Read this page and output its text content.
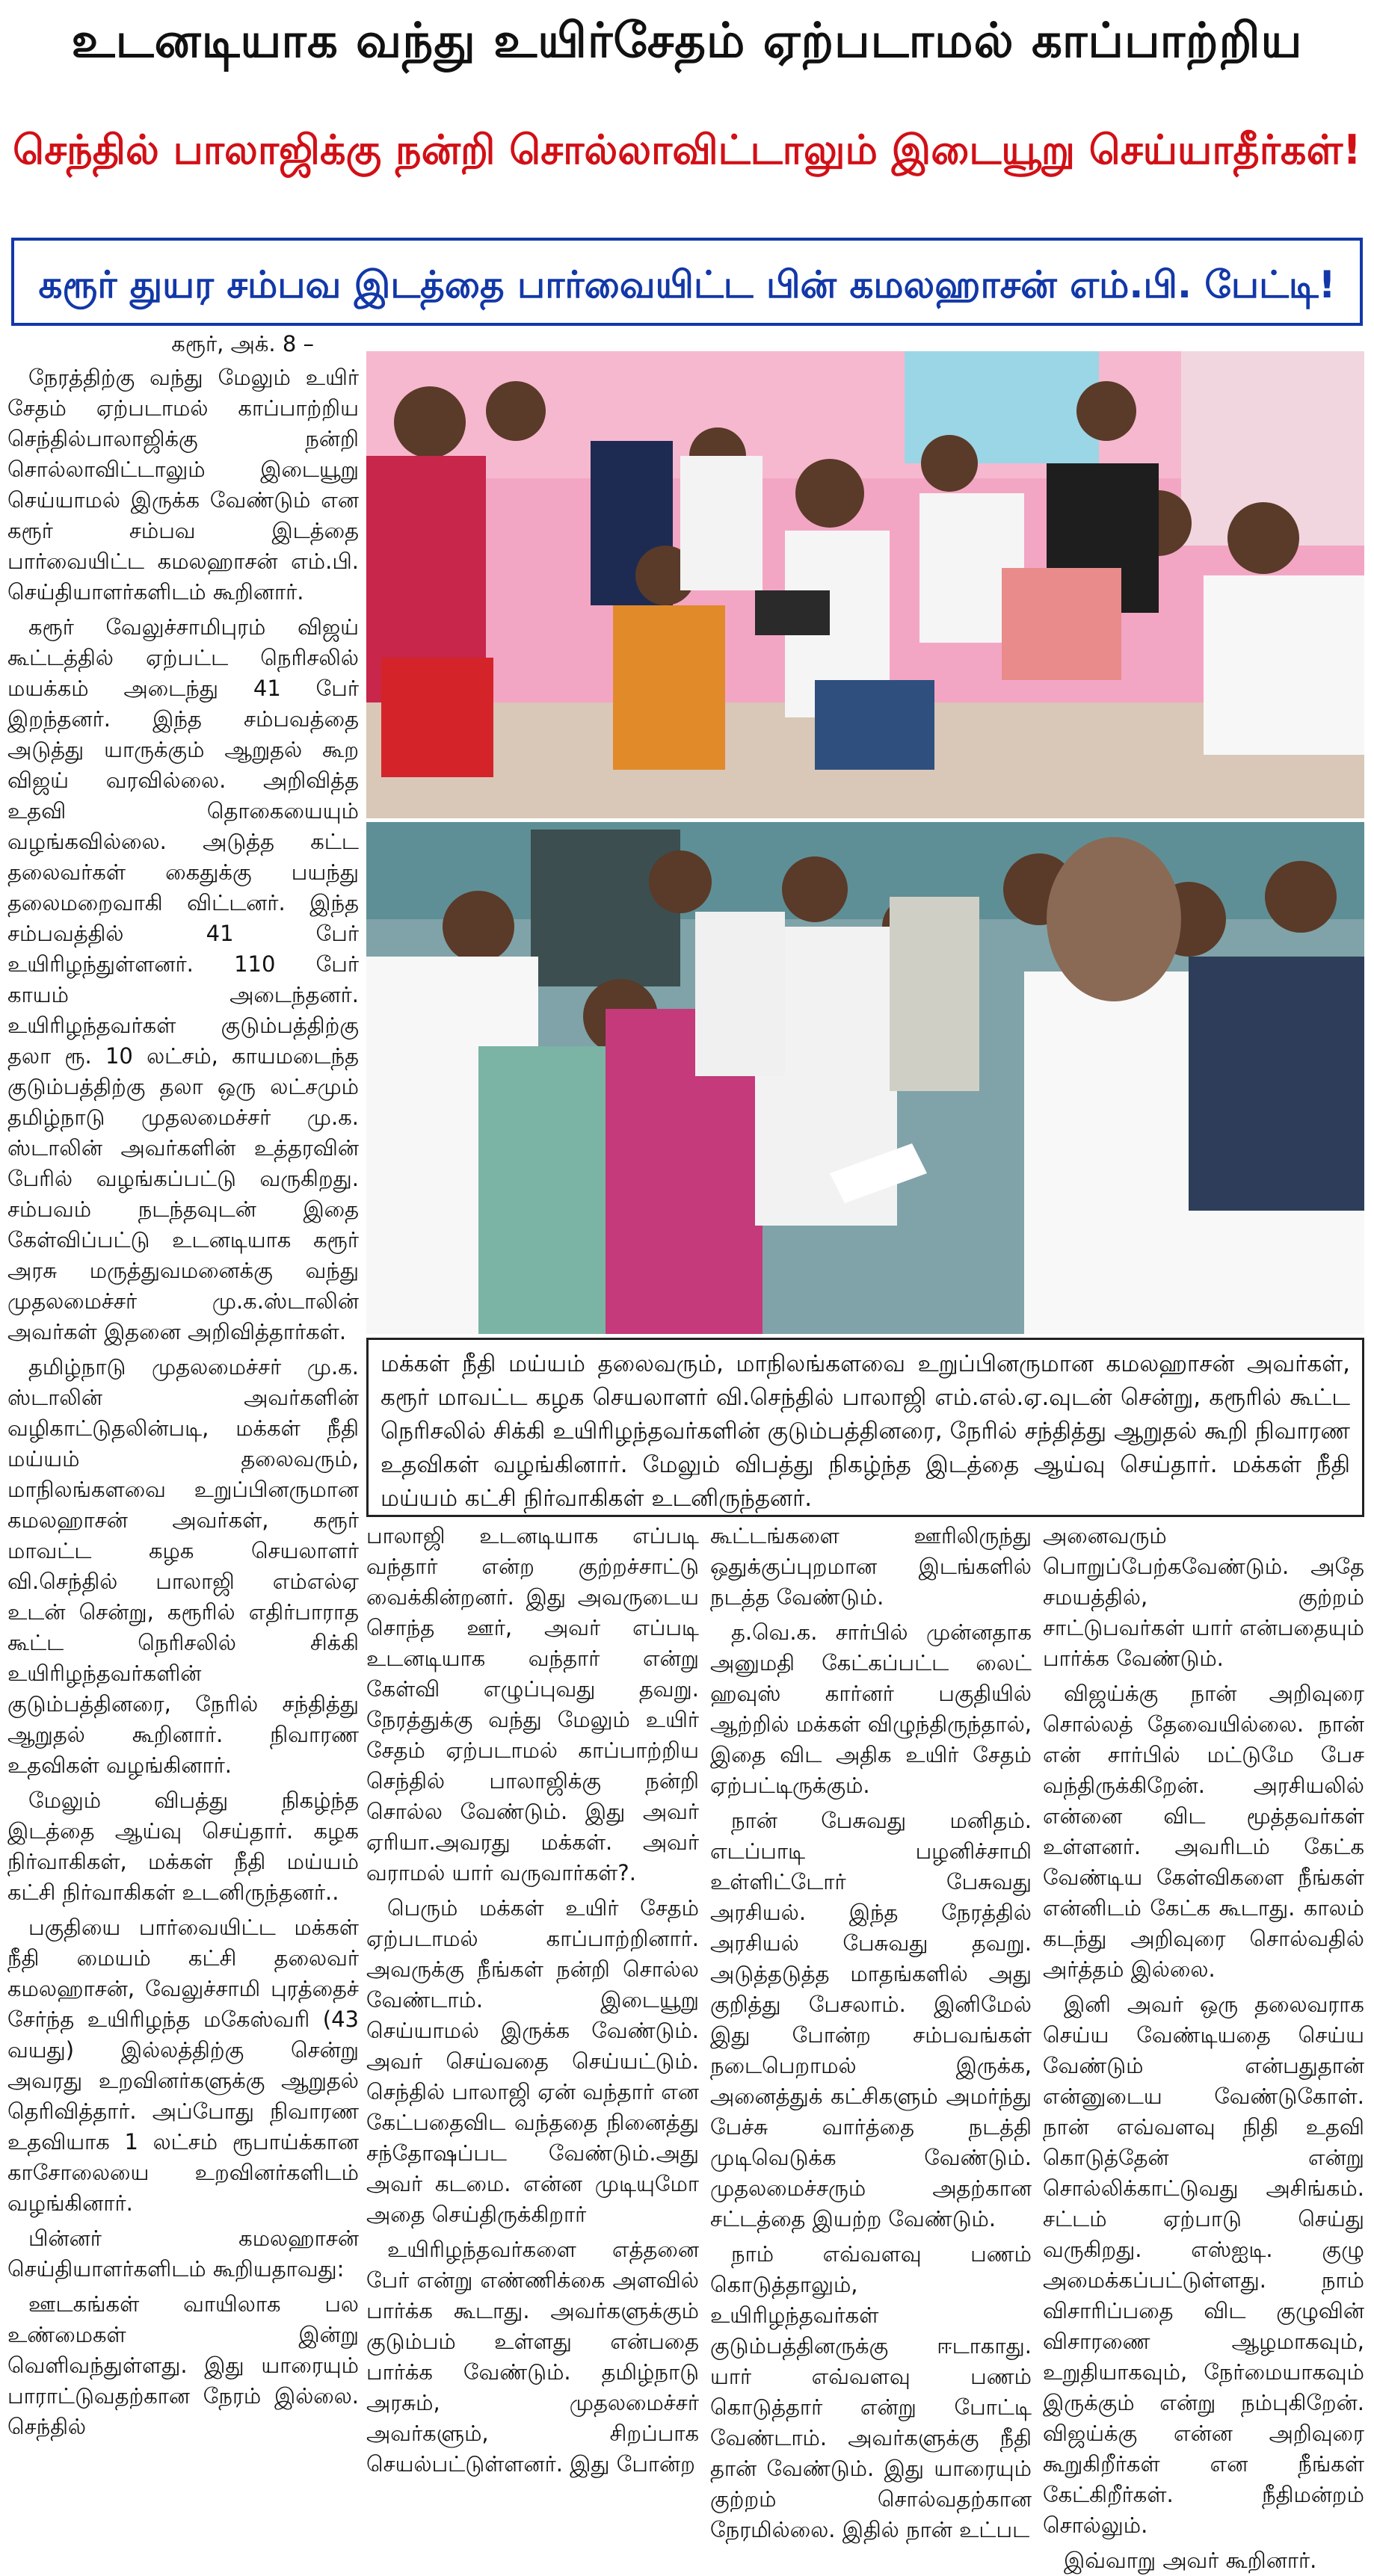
உடனடியாக வந்து உயிர்சேதம் ஏற்படாமல் காப்பாற்றிய
செந்தில் பாலாஜிக்கு நன்றி சொல்லாவிட்டாலும் இடையூறு செய்யாதீர்கள்!
கரூர் துயர சம்பவ இடத்தை பார்வையிட்ட பின் கமலஹாசன் எம்.பி. பேட்டி!
கரூர், அக். 8 –

நேரத்திற்கு வந்து மேலும் உயிர் சேதம் ஏற்படாமல் காப்பாற்றிய செந்தில்பாலாஜிக்கு நன்றி சொல்லாவிட்டாலும் இடையூறு செய்யாமல் இருக்க வேண்டும் என கரூர் சம்பவ இடத்தை பார்வையிட்ட கமலஹாசன் எம்.பி. செய்தியாளர்களிடம் கூறினார்.

கரூர் வேலுச்சாமிபுரம் விஜய் கூட்டத்தில் ஏற்பட்ட நெரிசலில் மயக்கம் அடைந்து 41 பேர் இறந்தனர். இந்த சம்பவத்தை அடுத்து யாருக்கும் ஆறுதல் கூற விஜய் வரவில்லை. அறிவித்த உதவி தொகையையும் வழங்கவில்லை. அடுத்த கட்ட தலைவர்கள் கைதுக்கு பயந்து தலைமறைவாகி விட்டனர். இந்த சம்பவத்தில் 41 பேர் உயிரிழந்துள்ளனர். 110 பேர் காயம் அடைந்தனர். உயிரிழந்தவர்கள் குடும்பத்திற்கு தலா ரூ. 10 லட்சம், காயமடைந்த குடும்பத்திற்கு தலா ஒரு லட்சமும் தமிழ்நாடு முதலமைச்சர் மு.க. ஸ்டாலின் அவர்களின் உத்தரவின் பேரில் வழங்கப்பட்டு வருகிறது. சம்பவம் நடந்தவுடன் இதை கேள்விப்பட்டு உடனடியாக கரூர் அரசு மருத்துவமனைக்கு வந்து முதலமைச்சர் மு.க.ஸ்டாலின் அவர்கள் இதனை அறிவித்தார்கள்.

தமிழ்நாடு முதலமைச்சர் மு.க. ஸ்டாலின் அவர்களின் வழிகாட்டுதலின்படி, மக்கள் நீதி மய்யம் தலைவரும், மாநிலங்களவை உறுப்பினருமான கமலஹாசன் அவர்கள், கரூர் மாவட்ட கழக செயலாளர் வி.செந்தில் பாலாஜி எம்எல்ஏ உடன் சென்று, கரூரில் எதிர்பாராத கூட்ட நெரிசலில் சிக்கி உயிரிழந்தவர்களின் குடும்பத்தினரை, நேரில் சந்தித்து ஆறுதல் கூறினார். நிவாரண உதவிகள் வழங்கினார்.

மேலும் விபத்து நிகழ்ந்த இடத்தை ஆய்வு செய்தார். கழக நிர்வாகிகள், மக்கள் நீதி மய்யம் கட்சி நிர்வாகிகள் உடனிருந்தனர்..

பகுதியை பார்வையிட்ட மக்கள் நீதி மையம் கட்சி தலைவர் கமலஹாசன், வேலுச்சாமி புரத்தைச் சேர்ந்த உயிரிழந்த மகேஸ்வரி (43 வயது) இல்லத்திற்கு சென்று அவரது உறவினர்களுக்கு ஆறுதல் தெரிவித்தார். அப்போது நிவாரண உதவியாக 1 லட்சம் ரூபாய்க்கான காசோலையை உறவினர்களிடம் வழங்கினார்.

பின்னர் கமலஹாசன் செய்தியாளர்களிடம் கூறியதாவது:

ஊடகங்கள் வாயிலாக பல உண்மைகள் இன்று வெளிவந்துள்ளது. இது யாரையும் பாராட்டுவதற்கான நேரம் இல்லை. செந்தில்

மக்கள் நீதி மய்யம் தலைவரும், மாநிலங்களவை உறுப்பினருமான கமலஹாசன் அவர்கள், கரூர் மாவட்ட கழக செயலாளர் வி.செந்தில் பாலாஜி எம்.எல்.ஏ.வுடன் சென்று, கரூரில் கூட்ட நெரிசலில் சிக்கி உயிரிழந்தவர்களின் குடும்பத்தினரை, நேரில் சந்தித்து ஆறுதல் கூறி நிவாரண உதவிகள் வழங்கினார். மேலும் விபத்து நிகழ்ந்த இடத்தை ஆய்வு செய்தார். மக்கள் நீதி மய்யம் கட்சி நிர்வாகிகள் உடனிருந்தனர்.

பாலாஜி உடனடியாக எப்படி வந்தார் என்ற குற்றச்சாட்டு வைக்கின்றனர். இது அவருடைய சொந்த ஊர், அவர் எப்படி உடனடியாக வந்தார் என்று கேள்வி எழுப்புவது தவறு. நேரத்துக்கு வந்து மேலும் உயிர் சேதம் ஏற்படாமல் காப்பாற்றிய செந்தில் பாலாஜிக்கு நன்றி சொல்ல வேண்டும். இது அவர் ஏரியா.அவரது மக்கள். அவர் வராமல் யார் வருவார்கள்?.

பெரும் மக்கள் உயிர் சேதம் ஏற்படாமல் காப்பாற்றினார். அவருக்கு நீங்கள் நன்றி சொல்ல வேண்டாம். இடையூறு செய்யாமல் இருக்க வேண்டும். அவர் செய்வதை செய்யட்டும். செந்தில் பாலாஜி ஏன் வந்தார் என கேட்பதைவிட வந்ததை நினைத்து சந்தோஷப்பட வேண்டும்.அது அவர் கடமை. என்ன முடியுமோ அதை செய்திருக்கிறார்

உயிரிழந்தவர்களை எத்தனை பேர் என்று எண்ணிக்கை அளவில் பார்க்க கூடாது. அவர்களுக்கும் குடும்பம் உள்ளது என்பதை பார்க்க வேண்டும். தமிழ்நாடு அரசும், முதலமைச்சர் அவர்களும், சிறப்பாக செயல்பட்டுள்ளனர். இது போன்ற

கூட்டங்களை ஊரிலிருந்து ஒதுக்குப்புறமான இடங்களில் நடத்த வேண்டும்.

த.வெ.க. சார்பில் முன்னதாக அனுமதி கேட்கப்பட்ட லைட் ஹவுஸ் கார்னர் பகுதியில் ஆற்றில் மக்கள் விழுந்திருந்தால், இதை விட அதிக உயிர் சேதம் ஏற்பட்டிருக்கும்.

நான் பேசுவது மனிதம். எடப்பாடி பழனிச்சாமி உள்ளிட்டோர் பேசுவது அரசியல். இந்த நேரத்தில் அரசியல் பேசுவது தவறு. அடுத்தடுத்த மாதங்களில் அது குறித்து பேசலாம். இனிமேல் இது போன்ற சம்பவங்கள் நடைபெறாமல் இருக்க, அனைத்துக் கட்சிகளும் அமர்ந்து பேச்சு வார்த்தை நடத்தி முடிவெடுக்க வேண்டும். முதலமைச்சரும் அதற்கான சட்டத்தை இயற்ற வேண்டும்.

நாம் எவ்வளவு பணம் கொடுத்தாலும், உயிரிழந்தவர்கள் குடும்பத்தினருக்கு ஈடாகாது. யார் எவ்வளவு பணம் கொடுத்தார் என்று போட்டி வேண்டாம். அவர்களுக்கு நீதி தான் வேண்டும். இது யாரையும் குற்றம் சொல்வதற்கான நேரமில்லை. இதில் நான் உட்பட

அனைவரும் பொறுப்பேற்கவேண்டும். அதே சமயத்தில், குற்றம் சாட்டுபவர்கள் யார் என்பதையும் பார்க்க வேண்டும்.

விஜய்க்கு நான் அறிவுரை சொல்லத் தேவையில்லை. நான் என் சார்பில் மட்டுமே பேச வந்திருக்கிறேன். அரசியலில் என்னை விட மூத்தவர்கள் உள்ளனர். அவரிடம் கேட்க வேண்டிய கேள்விகளை நீங்கள் என்னிடம் கேட்க கூடாது. காலம் கடந்து அறிவுரை சொல்வதில் அர்த்தம் இல்லை.

இனி அவர் ஒரு தலைவராக செய்ய வேண்டியதை செய்ய வேண்டும் என்பதுதான் என்னுடைய வேண்டுகோள். நான் எவ்வளவு நிதி உதவி கொடுத்தேன் என்று சொல்லிக்காட்டுவது அசிங்கம். சட்டம் ஏற்பாடு செய்து வருகிறது. எஸ்ஐடி. குழு அமைக்கப்பட்டுள்ளது. நாம் விசாரிப்பதை விட குழுவின் விசாரணை ஆழமாகவும், உறுதியாகவும், நேர்மையாகவும் இருக்கும் என்று நம்புகிறேன். விஜய்க்கு என்ன அறிவுரை கூறுகிறீர்கள் என நீங்கள் கேட்கிறீர்கள். நீதிமன்றம் சொல்லும்.

இவ்வாறு அவர் கூறினார்.
